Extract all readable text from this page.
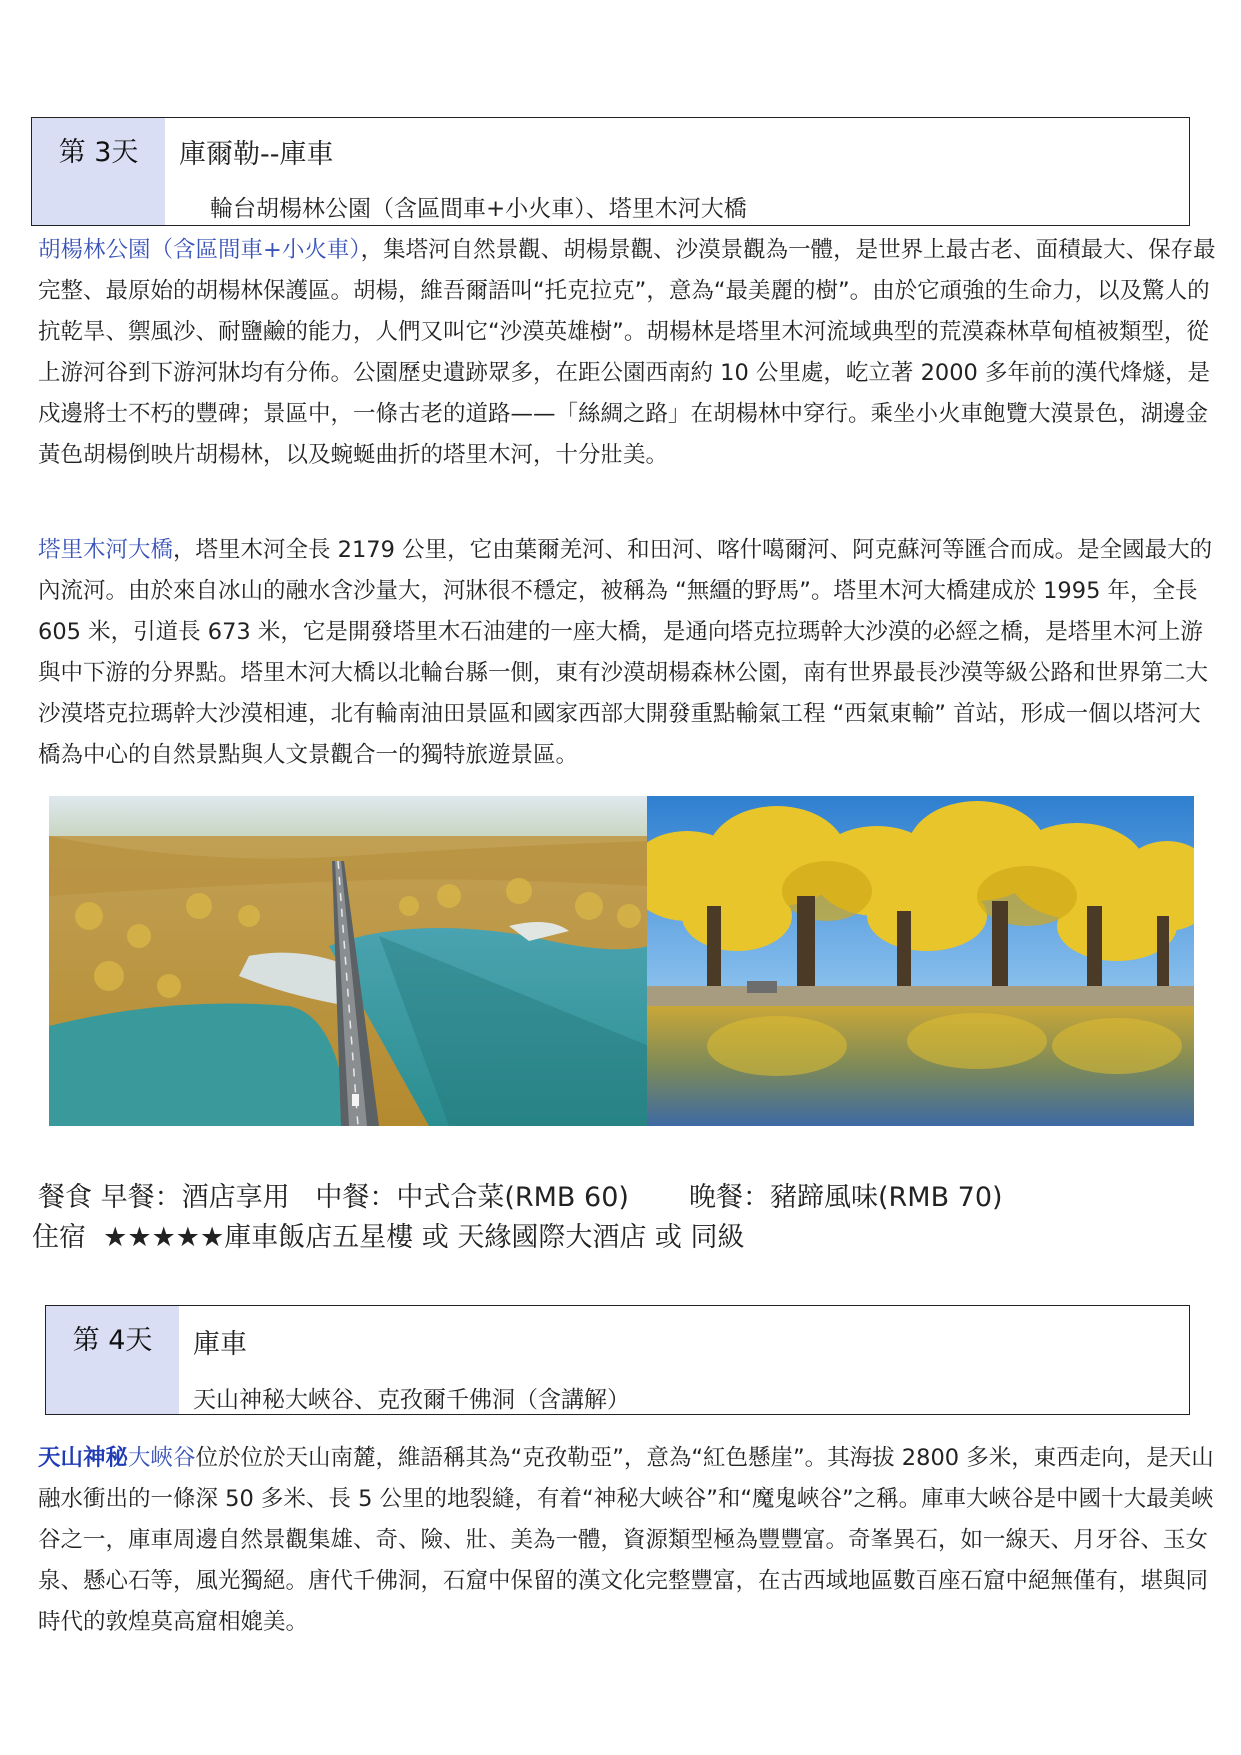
第 3天	庫爾勒--庫車
輪台胡楊林公園（含區間車+小火車）、塔里木河大橋

胡楊林公園（含區間車+小火車），集塔河自然景觀、胡楊景觀、沙漠景觀為一體，是世界上最古老、面積最大、保存最完整、最原始的胡楊林保護區。胡楊，維吾爾語叫“托克拉克”，意為“最美麗的樹”。由於它頑強的生命力，以及驚人的抗乾旱、禦風沙、耐鹽鹼的能力，人們又叫它“沙漠英雄樹”。胡楊林是塔里木河流域典型的荒漠森林草甸植被類型，從上游河谷到下游河牀均有分佈。公園歷史遺跡眾多，在距公園西南約 10 公里處，屹立著 2000 多年前的漢代烽燧，是戍邊將士不朽的豐碑；景區中，一條古老的道路——「絲綢之路」在胡楊林中穿行。乘坐小火車飽覽大漠景色，湖邊金黃色胡楊倒映片胡楊林，以及蜿蜒曲折的塔里木河，十分壯美。

塔里木河大橋，塔里木河全長 2179 公里，它由葉爾羌河、和田河、喀什噶爾河、阿克蘇河等匯合而成。是全國最大的內流河。由於來自冰山的融水含沙量大，河牀很不穩定，被稱為 “無繮的野馬”。塔里木河大橋建成於 1995 年，全長 605 米，引道長 673 米，它是開發塔里木石油建的一座大橋，是通向塔克拉瑪幹大沙漠的必經之橋，是塔里木河上游與中下游的分界點。塔里木河大橋以北輪台縣一側，東有沙漠胡楊森林公園，南有世界最長沙漠等級公路和世界第二大沙漠塔克拉瑪幹大沙漠相連，北有輪南油田景區和國家西部大開發重點輸氣工程 “西氣東輸” 首站，形成一個以塔河大橋為中心的自然景點與人文景觀合一的獨特旅遊景區。

餐食 早餐：酒店享用   中餐：中式合菜(RMB 60)       晚餐：豬蹄風味(RMB 70)
住宿  ★★★★★庫車飯店五星樓 或 天緣國際大酒店 或 同級
第 4天	庫車
天山神秘大峽谷、克孜爾千佛洞（含講解）

天山神秘大峽谷位於位於天山南麓，維語稱其為“克孜勒亞”，意為“紅色懸崖”。其海拔 2800 多米，東西走向，是天山融水衝出的一條深 50 多米、長 5 公里的地裂縫，有着“神秘大峽谷”和“魔鬼峽谷”之稱。庫車大峽谷是中國十大最美峽谷之一，庫車周邊自然景觀集雄、奇、險、壯、美為一體，資源類型極為豐豐富。奇峯異石，如一線天、月牙谷、玉女泉、懸心石等，風光獨絕。唐代千佛洞，石窟中保留的漢文化完整豐富，在古西域地區數百座石窟中絕無僅有，堪與同時代的敦煌莫高窟相媲美。
